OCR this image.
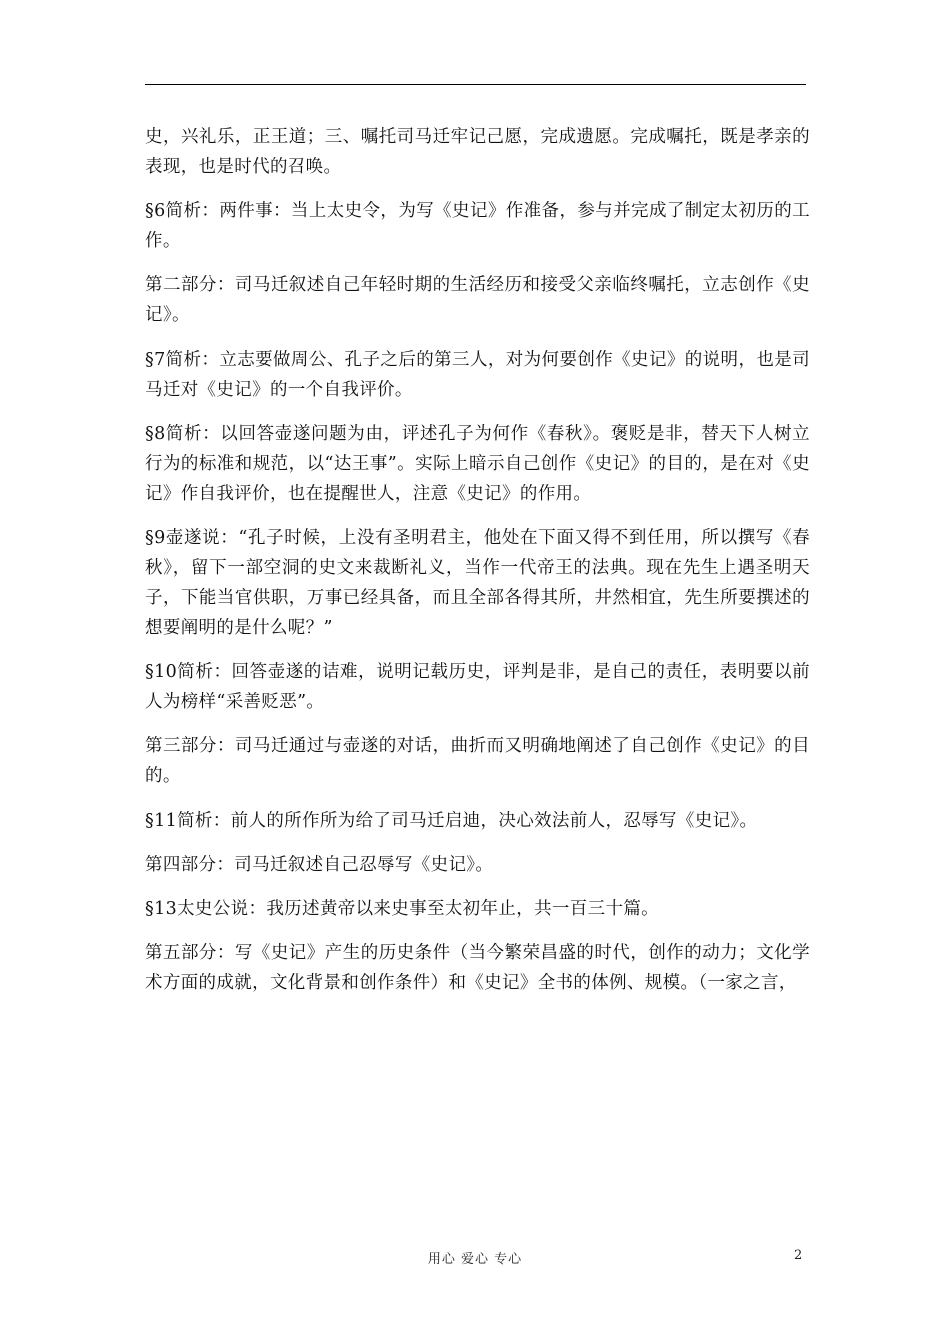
史，兴礼乐，正王道；三、嘱托司马迁牢记己愿，完成遗愿。完成嘱托，既是孝亲的表现，也是时代的召唤。

§6简析：两件事：当上太史令，为写《史记》作准备，参与并完成了制定太初历的工作。

第二部分：司马迁叙述自己年轻时期的生活经历和接受父亲临终嘱托，立志创作《史记》。

§7简析：立志要做周公、孔子之后的第三人，对为何要创作《史记》的说明，也是司马迁对《史记》的一个自我评价。

§8简析：以回答壶遂问题为由，评述孔子为何作《春秋》。褒贬是非，替天下人树立行为的标准和规范，以“达王事”。实际上暗示自己创作《史记》的目的，是在对《史记》作自我评价，也在提醒世人，注意《史记》的作用。

§9壶遂说：“孔子时候，上没有圣明君主，他处在下面又得不到任用，所以撰写《春秋》，留下一部空洞的史文来裁断礼义，当作一代帝王的法典。现在先生上遇圣明天子，下能当官供职，万事已经具备，而且全部各得其所，井然相宜，先生所要撰述的想要阐明的是什么呢？”

§10简析：回答壶遂的诘难，说明记载历史，评判是非，是自己的责任，表明要以前人为榜样“采善贬恶”。

第三部分：司马迁通过与壶遂的对话，曲折而又明确地阐述了自己创作《史记》的目的。

§11简析：前人的所作所为给了司马迁启迪，决心效法前人，忍辱写《史记》。

第四部分：司马迁叙述自己忍辱写《史记》。

§13太史公说：我历述黄帝以来史事至太初年止，共一百三十篇。

第五部分：写《史记》产生的历史条件（当今繁荣昌盛的时代，创作的动力；文化学术方面的成就，文化背景和创作条件）和《史记》全书的体例、规模。（一家之言，

用心 爱心 专心	2
